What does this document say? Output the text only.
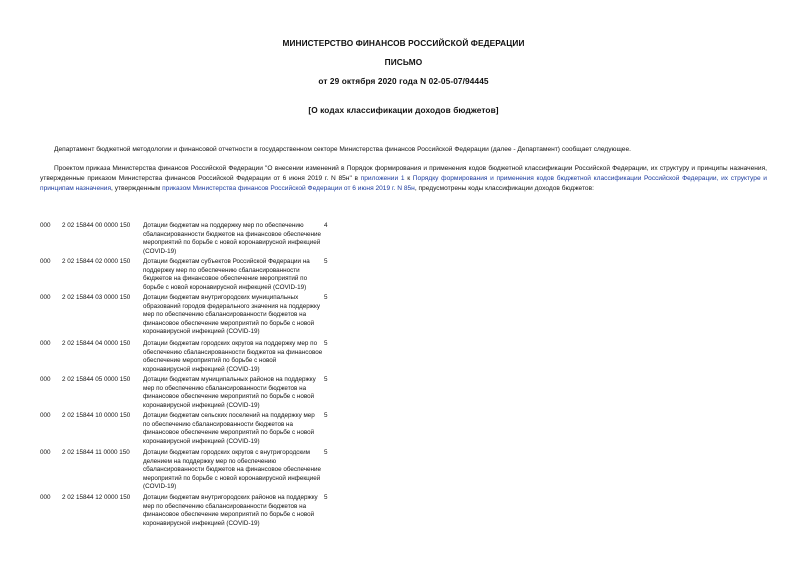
МИНИСТЕРСТВО ФИНАНСОВ РОССИЙСКОЙ ФЕДЕРАЦИИ
ПИСЬМО
от 29 октября 2020 года N 02-05-07/94445
[О кодах классификации доходов бюджетов]
Департамент бюджетной методологии и финансовой отчетности в государственном секторе Министерства финансов Российской Федерации (далее - Департамент) сообщает следующее.
Проектом приказа Министерства финансов Российской Федерации "О внесении изменений в Порядок формирования и применения кодов бюджетной классификации Российской Федерации, их структуру и принципы назначения, утвержденные приказом Министерства финансов Российской Федерации от 6 июня 2019 г. N 85н" в приложении 1 к Порядку формирования и применения кодов бюджетной классификации Российской Федерации, их структуре и принципам назначения, утвержденным приказом Министерства финансов Российской Федерации от 6 июня 2019 г. N 85н, предусмотрены коды классификации доходов бюджетов:
000 2 02 15844 00 0000 150 Дотации бюджетам на поддержку мер по обеспечению сбалансированности бюджетов на финансовое обеспечение мероприятий по борьбе с новой коронавирусной инфекцией (COVID-19)
4
000 2 02 15844 02 0000 150 Дотации бюджетам субъектов Российской Федерации на поддержку мер по обеспечению сбалансированности бюджетов на финансовое обеспечение мероприятий по борьбе с новой коронавирусной инфекцией (COVID-19)
5
000 2 02 15844 03 0000 150 Дотации бюджетам внутригородских муниципальных образований городов федерального значения на поддержку мер по обеспечению сбалансированности бюджетов на финансовое обеспечение мероприятий по борьбе с новой коронавирусной инфекцией (COVID-19)
5
000 2 02 15844 04 0000 150 Дотации бюджетам городских округов на поддержку мер по обеспечению сбалансированности бюджетов на финансовое обеспечение мероприятий по борьбе с новой коронавирусной инфекцией (COVID-19)
5
000 2 02 15844 05 0000 150 Дотации бюджетам муниципальных районов на поддержку мер по обеспечению сбалансированности бюджетов на финансовое обеспечение мероприятий по борьбе с новой коронавирусной инфекцией (COVID-19)
5
000 2 02 15844 10 0000 150 Дотации бюджетам сельских поселений на поддержку мер по обеспечению сбалансированности бюджетов на финансовое обеспечение мероприятий по борьбе с новой коронавирусной инфекцией (COVID-19)
5
000 2 02 15844 11 0000 150 Дотации бюджетам городских округов с внутригородским делением на поддержку мер по обеспечению сбалансированности бюджетов на финансовое обеспечение мероприятий по борьбе с новой коронавирусной инфекцией (COVID-19)
5
000 2 02 15844 12 0000 150 Дотации бюджетам внутригородских районов на поддержку мер по обеспечению сбалансированности бюджетов на финансовое обеспечение мероприятий по борьбе с новой коронавирусной инфекцией (COVID-19)
5
